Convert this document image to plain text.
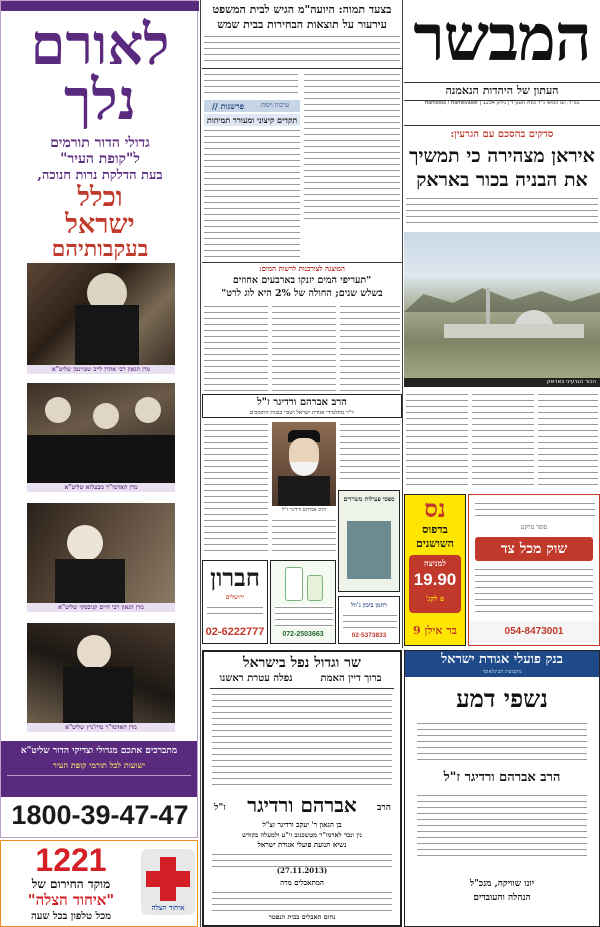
לאורם
נלך
גדולי הדור תורמים
ל"קופת העיר"
בעת הדלקת נרות חנוכה,
וכלל
ישראל
בעקבותיהם
מרן הגאון רבי אהרן לייב שטיינמן שליט"א
מרן האדמו"ר מבעלזא שליט"א
מרן הגאון רבי חיים קניבסקי שליט"א
מרן האדמו"ר מויז'ניץ שליט"א
מתברכים אתכם מגדולי וצדיקי הדור שליט"א
ישועות לכל תורמי קופת העיר
1800-39-47-47
1221
מוקד החירום של
"איחוד הצלה"
מכל טלפון בכל שעה
איחוד הצלה
המבשר
העתון של היהדות הנאמנה
בס"ד, יום חמישי כ"ד כסלו תשע"ד | גיליון 1234 | Hamodia / Hamevaser
בצעד תמוה: היועה"מ הגיש לבית המשפט
עירעור על תוצאות הבחירות בבית שמש
פרשנות //	ערכות ויסות
תקדים קיצוני ומעורר תמיהות
המוצגה לצורכנות לרשות המים:
"תעריפי המים יזנקו בארבעים אחוזים
בשלש שנים; החולה של 2% היא לוג לרט"
סדקים בהסכם עם הגרעין:
איראן מצהירה כי תמשיך
את הבניה בכור באראק
הכור הגרעיני באראק
הרב אברהם ורדיגר ז"ל
יו"ר מתלמידי אגודת ישראל ושבר בבנות התומכים
הרב אברהם ורדיגר ז"ל
ספסי פעילות משרדים
חברון
ירושלים
02-6222777	072-2503663
רחמן ביבק ג'וול
02-5373833
נס
בדפוס
השושנים
למניצה
19.90
₪ לקג'
בר אילן 9
סופר מרקט
שוק מכל צד
054-8473001
בנק פועלי אגודת ישראל
מקבוצת הבינלאומי
נשפי דמע
הרב אברהם ורדיגר ז"ל
יונו שוויקה, מנכ"ל
הנהלה והעובדים
שר וגדול נפל בישראל
ברוך דיין האמת
נפלה עטרת ראשנו
הרב
אברהם ורדיגר
ז"ל
בן הגאון ר' יעקב ורדיגר זצ"ל
נין ונכד לאדמו"ר מטשכנוב זי"ע ולמעלה בקודש
נשיא תנועת פועלי אגודת ישראל
(27.11.2013)
המתאבלים מרה
נחום האבלים בבית הנפטר
